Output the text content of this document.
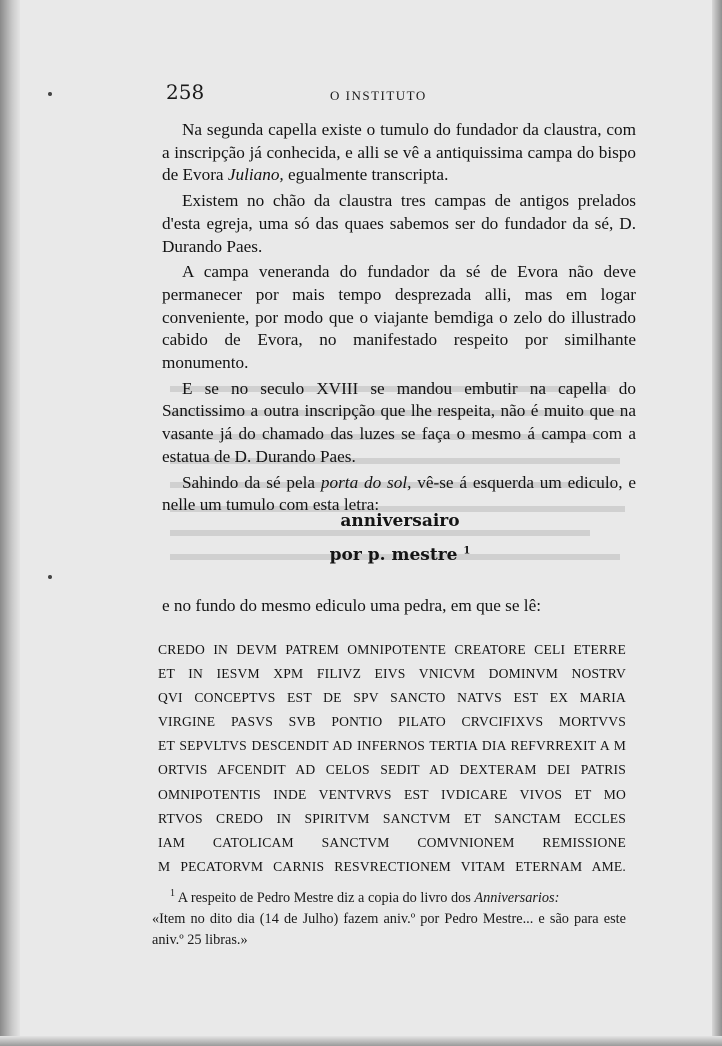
258	O INSTITUTO

Na segunda capella existe o tumulo do fundador da claustra, com a inscripção já conhecida, e alli se vê a antiquissima campa do bispo de Evora Juliano, egualmente transcripta.

Existem no chão da claustra tres campas de antigos prelados d'esta egreja, uma só das quaes sabemos ser do fundador da sé, D. Durando Paes.

A campa veneranda do fundador da sé de Evora não deve permanecer por mais tempo desprezada alli, mas em logar conveniente, por modo que o viajante bemdiga o zelo do illustrado cabido de Evora, no manifestado respeito por similhante monumento.

E se no seculo XVIII se mandou embutir na capella do Sanctissimo a outra inscripção que lhe respeita, não é muito que na vasante já do chamado das luzes se faça o mesmo á campa com a estatua de D. Durando Paes.

Sahindo da sé pela porta do sol, vê-se á esquerda um ediculo, e nelle um tumulo com esta letra:

anniversairo
por p. mestre $^1$
e no fundo do mesmo ediculo uma pedra, em que se lê:
CREDO IN DEVM PATREM OMNIPOTENTE CREATORE CELI ETERRE
ET IN IESVM XPM FILIVZ EIVS VNICVM DOMINVM NOSTRV
QVI CONCEPTVS EST DE SPV SANCTO NATVS EST EX MARIA
VIRGINE PASVS SVB PONTIO PILATO CRVCIFIXVS MORTVVS
ET SEPVLTVS DESCENDIT AD INFERNOS TERTIA DIA REFVRREXIT A M
ORTVIS AFCENDIT AD CELOS SEDIT AD DEXTERAM DEI PATRIS
OMNIPOTENTIS INDE VENTVRVS EST IVDICARE VIVOS ET MO
RTVOS CREDO IN SPIRITVM SANCTVM ET SANCTAM ECCLES
IAM CATOLICAM SANCTVM COMVNIONEM REMISSIONE
M PECATORVM CARNIS RESVRECTIONEM VITAM ETERNAM AME.

$^1$ A respeito de Pedro Mestre diz a copia do livro dos Anniversarios:

«Item no dito dia (14 de Julho) fazem aniv.º por Pedro Mestre... e são para este aniv.º 25 libras.»
